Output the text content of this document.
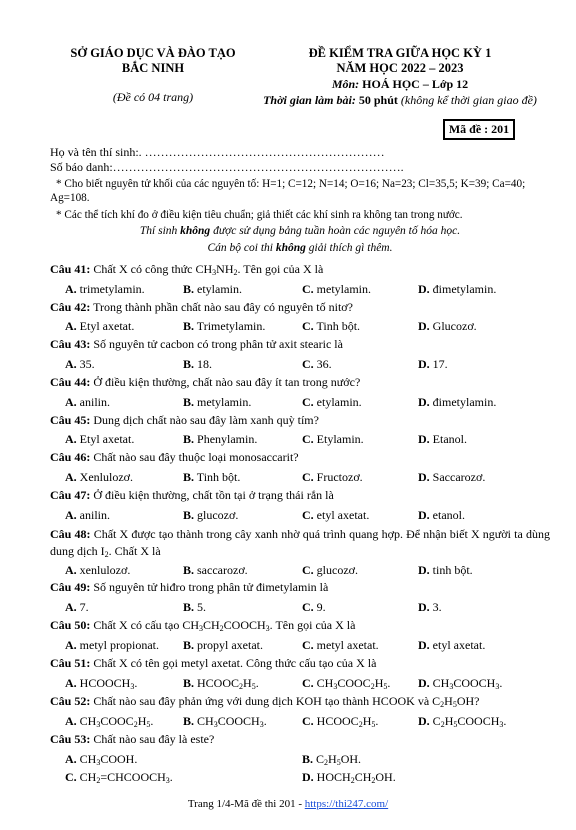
SỞ GIÁO DỤC VÀ ĐÀO TẠO
BẮC NINH
(Đề có 04 trang)
ĐỀ KIỂM TRA GIỮA HỌC KỲ 1
NĂM HỌC 2022 – 2023
Môn: HOÁ HỌC – Lớp 12
Thời gian làm bài: 50 phút (không kể thời gian giao đề)
Mã đề : 201
Họ và tên thí sinh:. ……………………………………………………
Số báo danh:……………………………………………………………….
* Cho biết nguyên tử khối của các nguyên tố: H=1; C=12; N=14; O=16; Na=23; Cl=35,5; K=39; Ca=40; Ag=108.
* Các thể tích khí đo ở điều kiện tiêu chuẩn; giả thiết các khí sinh ra không tan trong nước.
Thí sinh không được sử dụng bảng tuần hoàn các nguyên tố hóa học.
Cán bộ coi thi không giải thích gì thêm.
Câu 41: Chất X có công thức $CH_3NH_2$. Tên gọi của X là
A. trimetylamin.	B. etylamin.	C. metylamin.	D. đimetylamin.
Câu 42: Trong thành phần chất nào sau đây có nguyên tố nitơ?
A. Etyl axetat.	B. Trimetylamin.	C. Tinh bột.	D. Glucozơ.
Câu 43: Số nguyên tử cacbon có trong phân tử axit stearic là
A. 35.	B. 18.	C. 36.	D. 17.
Câu 44: Ở điều kiện thường, chất nào sau đây ít tan trong nước?
A. anilin.	B. metylamin.	C. etylamin.	D. đimetylamin.
Câu 45: Dung dịch chất nào sau đây làm xanh quỳ tím?
A. Etyl axetat.	B. Phenylamin.	C. Etylamin.	D. Etanol.
Câu 46: Chất nào sau đây thuộc loại monosaccarit?
A. Xenlulozơ.	B. Tinh bột.	C. Fructozơ.	D. Saccarozơ.
Câu 47: Ở điều kiện thường, chất tồn tại ở trạng thái rắn là
A. anilin.	B. glucozơ.	C. etyl axetat.	D. etanol.
Câu 48: Chất X được tạo thành trong cây xanh nhờ quá trình quang hợp. Để nhận biết X người ta dùng dung dịch $I_2$. Chất X là
A. xenlulozơ.	B. saccarozơ.	C. glucozơ.	D. tinh bột.
Câu 49: Số nguyên tử hiđro trong phân tử đimetylamin là
A. 7.	B. 5.	C. 9.	D. 3.
Câu 50: Chất X có cấu tạo $CH_3CH_2COOCH_3$. Tên gọi của X là
A. metyl propionat. B. propyl axetat.	C. metyl axetat.	D. etyl axetat.
Câu 51: Chất X có tên gọi metyl axetat. Công thức cấu tạo của X là
A. $HCOOCH_3$.	B. $HCOOC_2H_5$.	C. $CH_3COOC_2H_5$. D. $CH_3COOCH_3$.
Câu 52: Chất nào sau đây phản ứng với dung dịch KOH tạo thành HCOOK và $C_2H_5OH$?
A. $CH_3COOC_2H_5$. B. $CH_3COOCH_3$.	C. $HCOOC_2H_5$.	D. $C_2H_5COOCH_3$.
Câu 53: Chất nào sau đây là este?
A. $CH_3COOH$.	B. $C_2H_5OH$.
C. $CH_2=CHCOOCH_3$.	D. $HOCH_2CH_2OH$.
Trang 1/4-Mã đề thi 201 - https://thi247.com/
